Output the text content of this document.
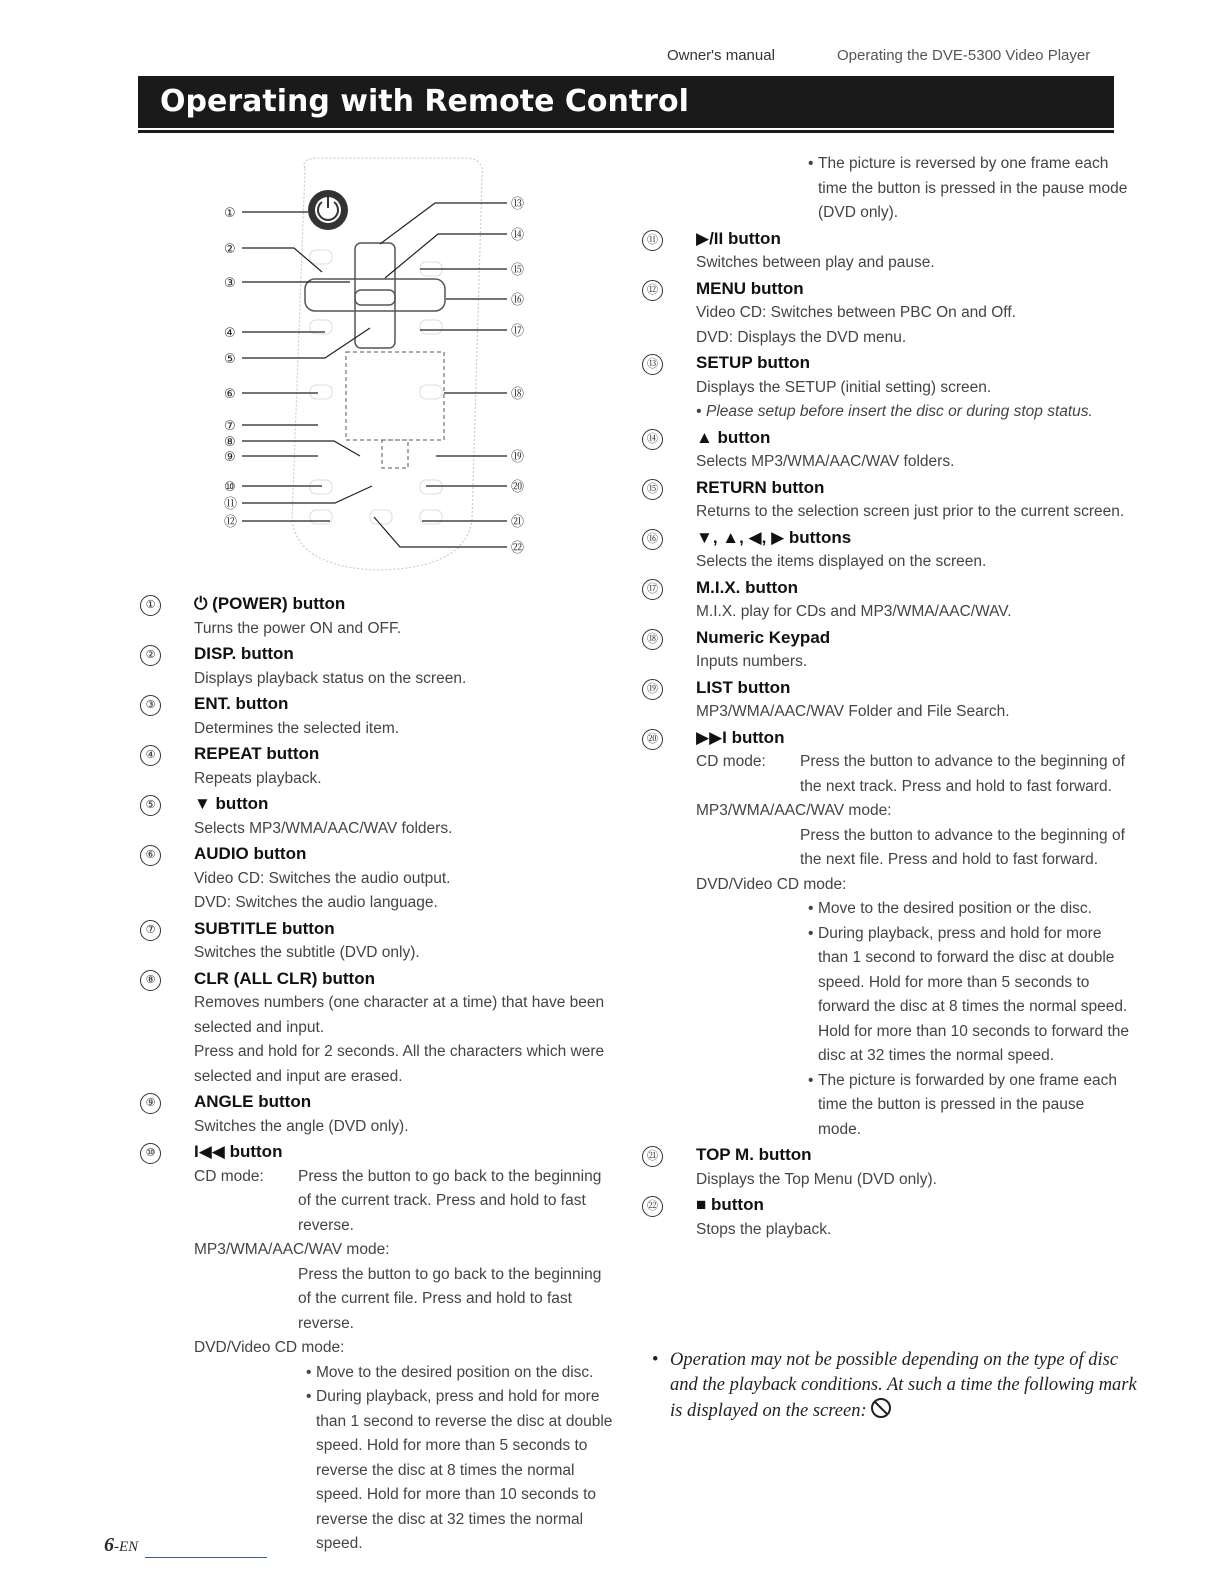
Owner's manual	Operating the DVE-5300 Video Player
Operating with Remote Control
①
②
③
④
⑤
⑥
⑦
⑧
⑨
⑩
⑪
⑫
⑬
⑭
⑮
⑯
⑰
⑱
⑲
⑳
㉑
㉒
①	⏻ (POWER) button
Turns the power ON and OFF.
②	DISP. button
Displays playback status on the screen.
③	ENT. button
Determines the selected item.
④	REPEAT button
Repeats playback.
⑤	▼ button
Selects MP3/WMA/AAC/WAV folders.
⑥	AUDIO button
Video CD: Switches the audio output.
DVD: Switches the audio language.
⑦	SUBTITLE button
Switches the subtitle (DVD only).
⑧	CLR (ALL CLR) button
Removes numbers (one character at a time) that have been selected and input.
Press and hold for 2 seconds. All the characters which were selected and input are erased.
⑨	ANGLE button
Switches the angle (DVD only).
⑩	I◀◀ button
CD mode:	Press the button to go back to the beginning of the current track. Press and hold to fast reverse.
MP3/WMA/AAC/WAV mode:
Press the button to go back to the beginning of the current file. Press and hold to fast reverse.
DVD/Video CD mode:
• Move to the desired position on the disc.
• During playback, press and hold for more than 1 second to reverse the disc at double speed. Hold for more than 5 seconds to reverse the disc at 8 times the normal speed. Hold for more than 10 seconds to reverse the disc at 32 times the normal speed.
• The picture is reversed by one frame each time the button is pressed in the pause mode (DVD only).
⑪ ▶/II button
Switches between play and pause.
⑫ MENU button
Video CD: Switches between PBC On and Off.
DVD: Displays the DVD menu.
⑬ SETUP button
Displays the SETUP (initial setting) screen.
• Please setup before insert the disc or during stop status.
⑭ ▲ button
Selects MP3/WMA/AAC/WAV folders.
⑮ RETURN button
Returns to the selection screen just prior to the current screen.
⑯ ▼, ▲, ◀, ▶ buttons
Selects the items displayed on the screen.
⑰ M.I.X. button
M.I.X. play for CDs and MP3/WMA/AAC/WAV.
⑱ Numeric Keypad
Inputs numbers.
⑲ LIST button
MP3/WMA/AAC/WAV Folder and File Search.
⑳ ▶▶I button
CD mode:	Press the button to advance to the beginning of the next track. Press and hold to fast forward.
MP3/WMA/AAC/WAV mode:
Press the button to advance to the beginning of the next file. Press and hold to fast forward.
DVD/Video CD mode:
• Move to the desired position or the disc.
• During playback, press and hold for more than 1 second to forward the disc at double speed. Hold for more than 5 seconds to forward the disc at 8 times the normal speed. Hold for more than 10 seconds to forward the disc at 32 times the normal speed.
• The picture is forwarded by one frame each time the button is pressed in the pause mode.
㉑ TOP M. button
Displays the Top Menu (DVD only).
㉒ ■ button
Stops the playback.
• Operation may not be possible depending on the type of disc and the playback conditions. At such a time the following mark is displayed on the screen:
6-EN
